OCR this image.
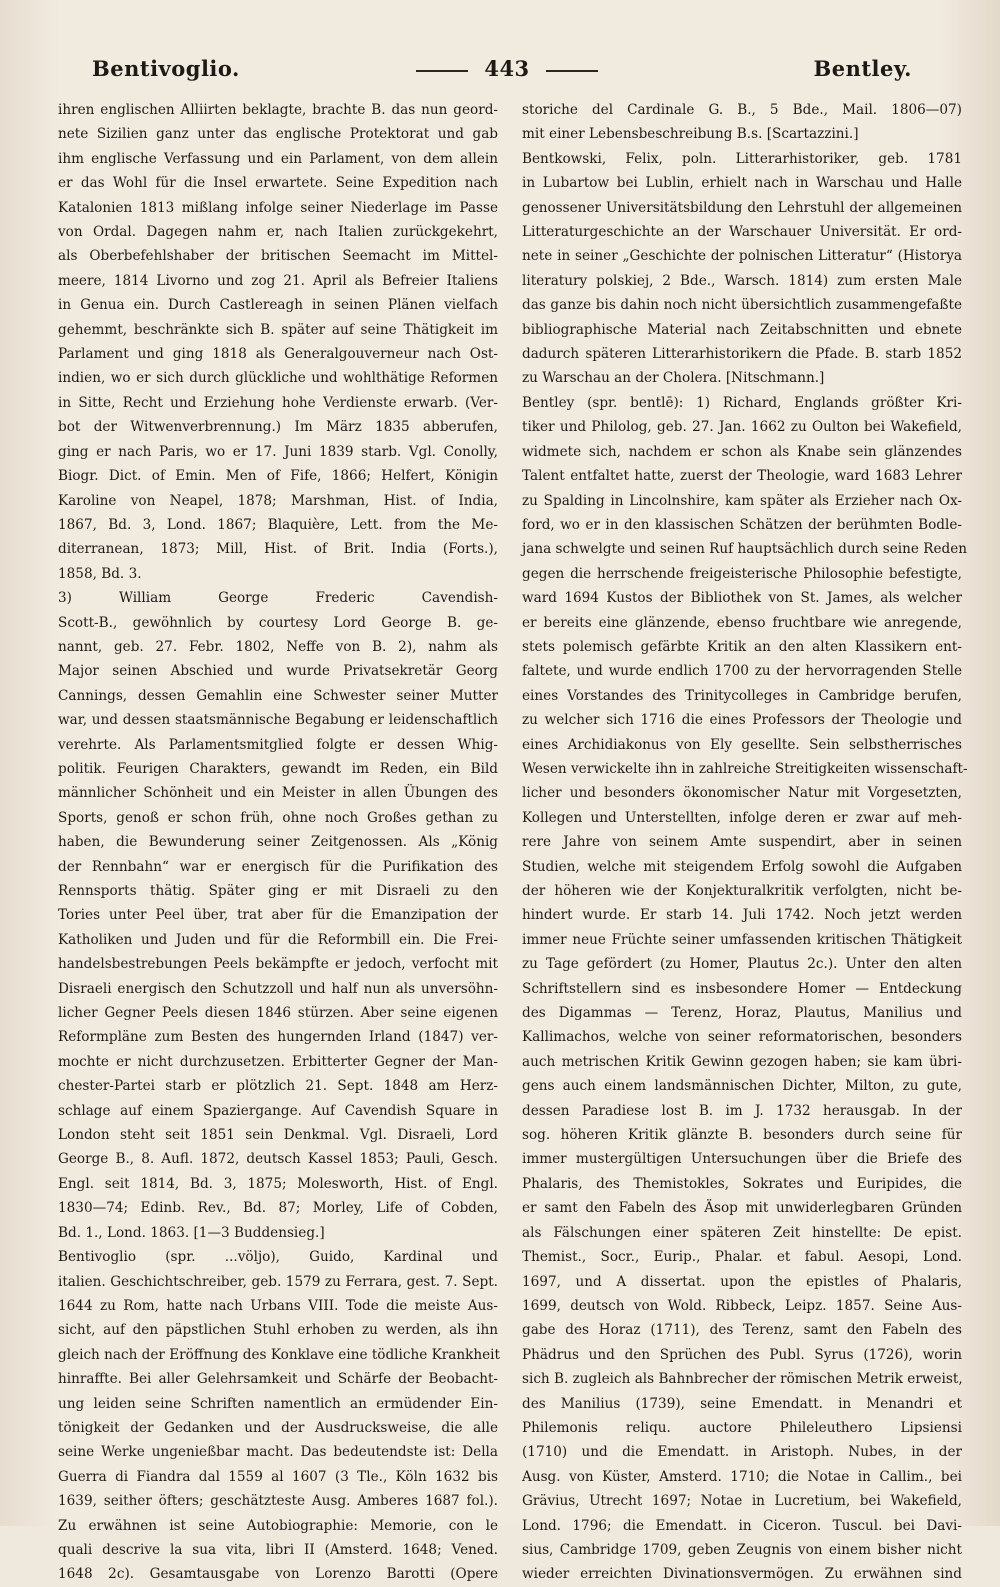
Bentivoglio.	443	Bentley.
ihren englischen Alliirten beklagte, brachte B. das nun geord-
nete Sizilien ganz unter das englische Protektorat und gab
ihm englische Verfassung und ein Parlament, von dem allein
er das Wohl für die Insel erwartete. Seine Expedition nach
Katalonien 1813 mißlang infolge seiner Niederlage im Passe
von Ordal. Dagegen nahm er, nach Italien zurückgekehrt,
als Oberbefehlshaber der britischen Seemacht im Mittel-
meere, 1814 Livorno und zog 21. April als Befreier Italiens
in Genua ein. Durch Castlereagh in seinen Plänen vielfach
gehemmt, beschränkte sich B. später auf seine Thätigkeit im
Parlament und ging 1818 als Generalgouverneur nach Ost-
indien, wo er sich durch glückliche und wohlthätige Reformen
in Sitte, Recht und Erziehung hohe Verdienste erwarb. (Ver-
bot der Witwenverbrennung.) Im März 1835 abberufen,
ging er nach Paris, wo er 17. Juni 1839 starb. Vgl. Conolly,
Biogr. Dict. of Emin. Men of Fife, 1866; Helfert, Königin
Karoline von Neapel, 1878; Marshman, Hist. of India,
1867, Bd. 3, Lond. 1867; Blaquière, Lett. from the Me-
diterranean, 1873; Mill, Hist. of Brit. India (Forts.),
1858, Bd. 3.
3) William George Frederic Cavendish-
Scott-B., gewöhnlich by courtesy Lord George B. ge-
nannt, geb. 27. Febr. 1802, Neffe von B. 2), nahm als
Major seinen Abschied und wurde Privatsekretär Georg
Cannings, dessen Gemahlin eine Schwester seiner Mutter
war, und dessen staatsmännische Begabung er leidenschaftlich
verehrte. Als Parlamentsmitglied folgte er dessen Whig-
politik. Feurigen Charakters, gewandt im Reden, ein Bild
männlicher Schönheit und ein Meister in allen Übungen des
Sports, genoß er schon früh, ohne noch Großes gethan zu
haben, die Bewunderung seiner Zeitgenossen. Als „König
der Rennbahn“ war er energisch für die Purifikation des
Rennsports thätig. Später ging er mit Disraeli zu den
Tories unter Peel über, trat aber für die Emanzipation der
Katholiken und Juden und für die Reformbill ein. Die Frei-
handelsbestrebungen Peels bekämpfte er jedoch, verfocht mit
Disraeli energisch den Schutzzoll und half nun als unversöhn-
licher Gegner Peels diesen 1846 stürzen. Aber seine eigenen
Reformpläne zum Besten des hungernden Irland (1847) ver-
mochte er nicht durchzusetzen. Erbitterter Gegner der Man-
chester-Partei starb er plötzlich 21. Sept. 1848 am Herz-
schlage auf einem Spaziergange. Auf Cavendish Square in
London steht seit 1851 sein Denkmal. Vgl. Disraeli, Lord
George B., 8. Aufl. 1872, deutsch Kassel 1853; Pauli, Gesch.
Engl. seit 1814, Bd. 3, 1875; Molesworth, Hist. of Engl.
1830—74; Edinb. Rev., Bd. 87; Morley, Life of Cobden,
Bd. 1., Lond. 1863. [1—3 Buddensieg.]
Bentivoglio (spr. ...völjo), Guido, Kardinal und
italien. Geschichtschreiber, geb. 1579 zu Ferrara, gest. 7. Sept.
1644 zu Rom, hatte nach Urbans VIII. Tode die meiste Aus-
sicht, auf den päpstlichen Stuhl erhoben zu werden, als ihn
gleich nach der Eröffnung des Konklave eine tödliche Krankheit
hinraffte. Bei aller Gelehrsamkeit und Schärfe der Beobacht-
ung leiden seine Schriften namentlich an ermüdender Ein-
tönigkeit der Gedanken und der Ausdrucksweise, die alle
seine Werke ungenießbar macht. Das bedeutendste ist: Della
Guerra di Fiandra dal 1559 al 1607 (3 Tle., Köln 1632 bis
1639, seither öfters; geschätzteste Ausg. Amberes 1687 fol.).
Zu erwähnen ist seine Autobiographie: Memorie, con le
quali descrive la sua vita, libri II (Amsterd. 1648; Vened.
1648 2c). Gesamtausgabe von Lorenzo Barotti (Opere
storiche del Cardinale G. B., 5 Bde., Mail. 1806—07)
mit einer Lebensbeschreibung B.s. [Scartazzini.]
Bentkowski, Felix, poln. Litterarhistoriker, geb. 1781
in Lubartow bei Lublin, erhielt nach in Warschau und Halle
genossener Universitätsbildung den Lehrstuhl der allgemeinen
Litteraturgeschichte an der Warschauer Universität. Er ord-
nete in seiner „Geschichte der polnischen Litteratur“ (Historya
literatury polskiej, 2 Bde., Warsch. 1814) zum ersten Male
das ganze bis dahin noch nicht übersichtlich zusammengefaßte
bibliographische Material nach Zeitabschnitten und ebnete
dadurch späteren Litterarhistorikern die Pfade. B. starb 1852
zu Warschau an der Cholera. [Nitschmann.]
Bentley (spr. bentlē): 1) Richard, Englands größter Kri-
tiker und Philolog, geb. 27. Jan. 1662 zu Oulton bei Wakefield,
widmete sich, nachdem er schon als Knabe sein glänzendes
Talent entfaltet hatte, zuerst der Theologie, ward 1683 Lehrer
zu Spalding in Lincolnshire, kam später als Erzieher nach Ox-
ford, wo er in den klassischen Schätzen der berühmten Bodle-
jana schwelgte und seinen Ruf hauptsächlich durch seine Reden
gegen die herrschende freigeisterische Philosophie befestigte,
ward 1694 Kustos der Bibliothek von St. James, als welcher
er bereits eine glänzende, ebenso fruchtbare wie anregende,
stets polemisch gefärbte Kritik an den alten Klassikern ent-
faltete, und wurde endlich 1700 zu der hervorragenden Stelle
eines Vorstandes des Trinitycolleges in Cambridge berufen,
zu welcher sich 1716 die eines Professors der Theologie und
eines Archidiakonus von Ely gesellte. Sein selbstherrisches
Wesen verwickelte ihn in zahlreiche Streitigkeiten wissenschaft-
licher und besonders ökonomischer Natur mit Vorgesetzten,
Kollegen und Unterstellten, infolge deren er zwar auf meh-
rere Jahre von seinem Amte suspendirt, aber in seinen
Studien, welche mit steigendem Erfolg sowohl die Aufgaben
der höheren wie der Konjekturalkritik verfolgten, nicht be-
hindert wurde. Er starb 14. Juli 1742. Noch jetzt werden
immer neue Früchte seiner umfassenden kritischen Thätigkeit
zu Tage gefördert (zu Homer, Plautus 2c.). Unter den alten
Schriftstellern sind es insbesondere Homer — Entdeckung
des Digammas — Terenz, Horaz, Plautus, Manilius und
Kallimachos, welche von seiner reformatorischen, besonders
auch metrischen Kritik Gewinn gezogen haben; sie kam übri-
gens auch einem landsmännischen Dichter, Milton, zu gute,
dessen Paradiese lost B. im J. 1732 herausgab. In der
sog. höheren Kritik glänzte B. besonders durch seine für
immer mustergültigen Untersuchungen über die Briefe des
Phalaris, des Themistokles, Sokrates und Euripides, die
er samt den Fabeln des Äsop mit unwiderlegbaren Gründen
als Fälschungen einer späteren Zeit hinstellte: De epist.
Themist., Socr., Eurip., Phalar. et fabul. Aesopi, Lond.
1697, und A dissertat. upon the epistles of Phalaris,
1699, deutsch von Wold. Ribbeck, Leipz. 1857. Seine Aus-
gabe des Horaz (1711), des Terenz, samt den Fabeln des
Phädrus und den Sprüchen des Publ. Syrus (1726), worin
sich B. zugleich als Bahnbrecher der römischen Metrik erweist,
des Manilius (1739), seine Emendatt. in Menandri et
Philemonis reliqu. auctore Phileleuthero Lipsiensi
(1710) und die Emendatt. in Aristoph. Nubes, in der
Ausg. von Küster, Amsterd. 1710; die Notae in Callim., bei
Grävius, Utrecht 1697; Notae in Lucretium, bei Wakefield,
Lond. 1796; die Emendatt. in Ciceron. Tuscul. bei Davi-
sius, Cambridge 1709, geben Zeugnis von einem bisher nicht
wieder erreichten Divinationsvermögen. Zu erwähnen sind
